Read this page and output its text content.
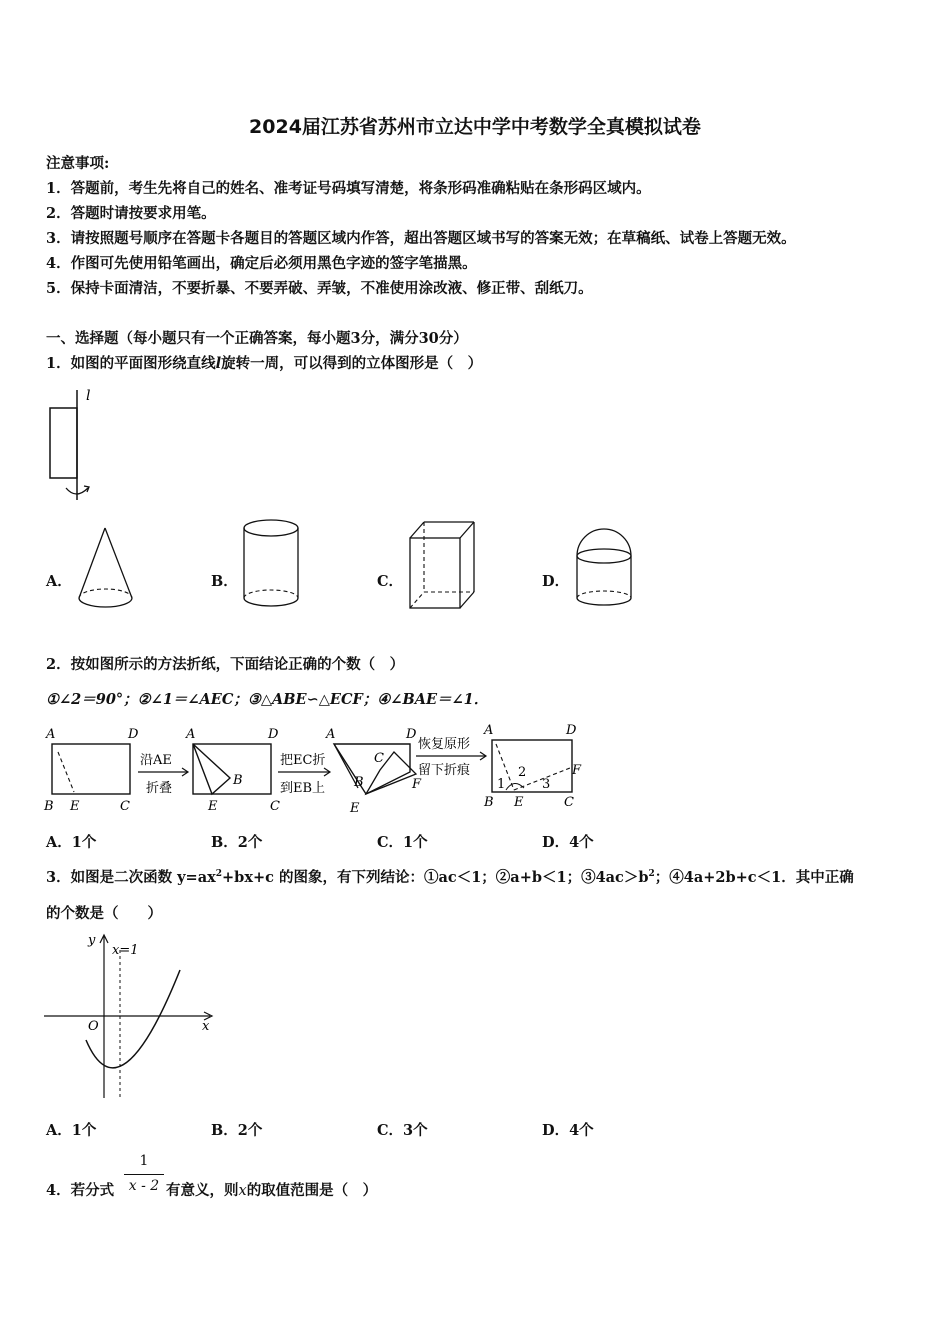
2024届江苏省苏州市立达中学中考数学全真模拟试卷
注意事项:
1．答题前，考生先将自己的姓名、准考证号码填写清楚，将条形码准确粘贴在条形码区域内。
2．答题时请按要求用笔。
3．请按照题号顺序在答题卡各题目的答题区域内作答，超出答题区域书写的答案无效；在草稿纸、试卷上答题无效。
4．作图可先使用铅笔画出，确定后必须用黑色字迹的签字笔描黑。
5．保持卡面清洁，不要折暴、不要弄破、弄皱，不准使用涂改液、修正带、刮纸刀。
一、选择题（每小题只有一个正确答案，每小题3分，满分30分）
1．如图的平面图形绕直线l旋转一周，可以得到的立体图形是（　）
l
A．	B．	C．	D．
2．按如图所示的方法折纸，下面结论正确的个数（　）
①∠2＝90°；②∠1＝∠AEC；③△ABE∽△ECF；④∠BAE＝∠1．
A	D
B E	C
沿AE
折叠
A	D
B
E	C
把EC折
到EB上
A	D
C
B
E
F
恢复原形
留下折痕
A	D
F
B E	C
1
2
3
A．1个	B．2个	C．1个	D．4个
3．如图是二次函数 $y=ax^2+bx+c$ 的图象，有下列结论：①ac＜1；②a+b＜1；$③4ac>b^2$；④4a+2b+c＜1．其中正确
的个数是（　　）
y
x
O
x=1
A．1个	B．2个	C．3个	D．4个
4．若分式
1
x - 2 有意义，则x的取值范围是（　）
